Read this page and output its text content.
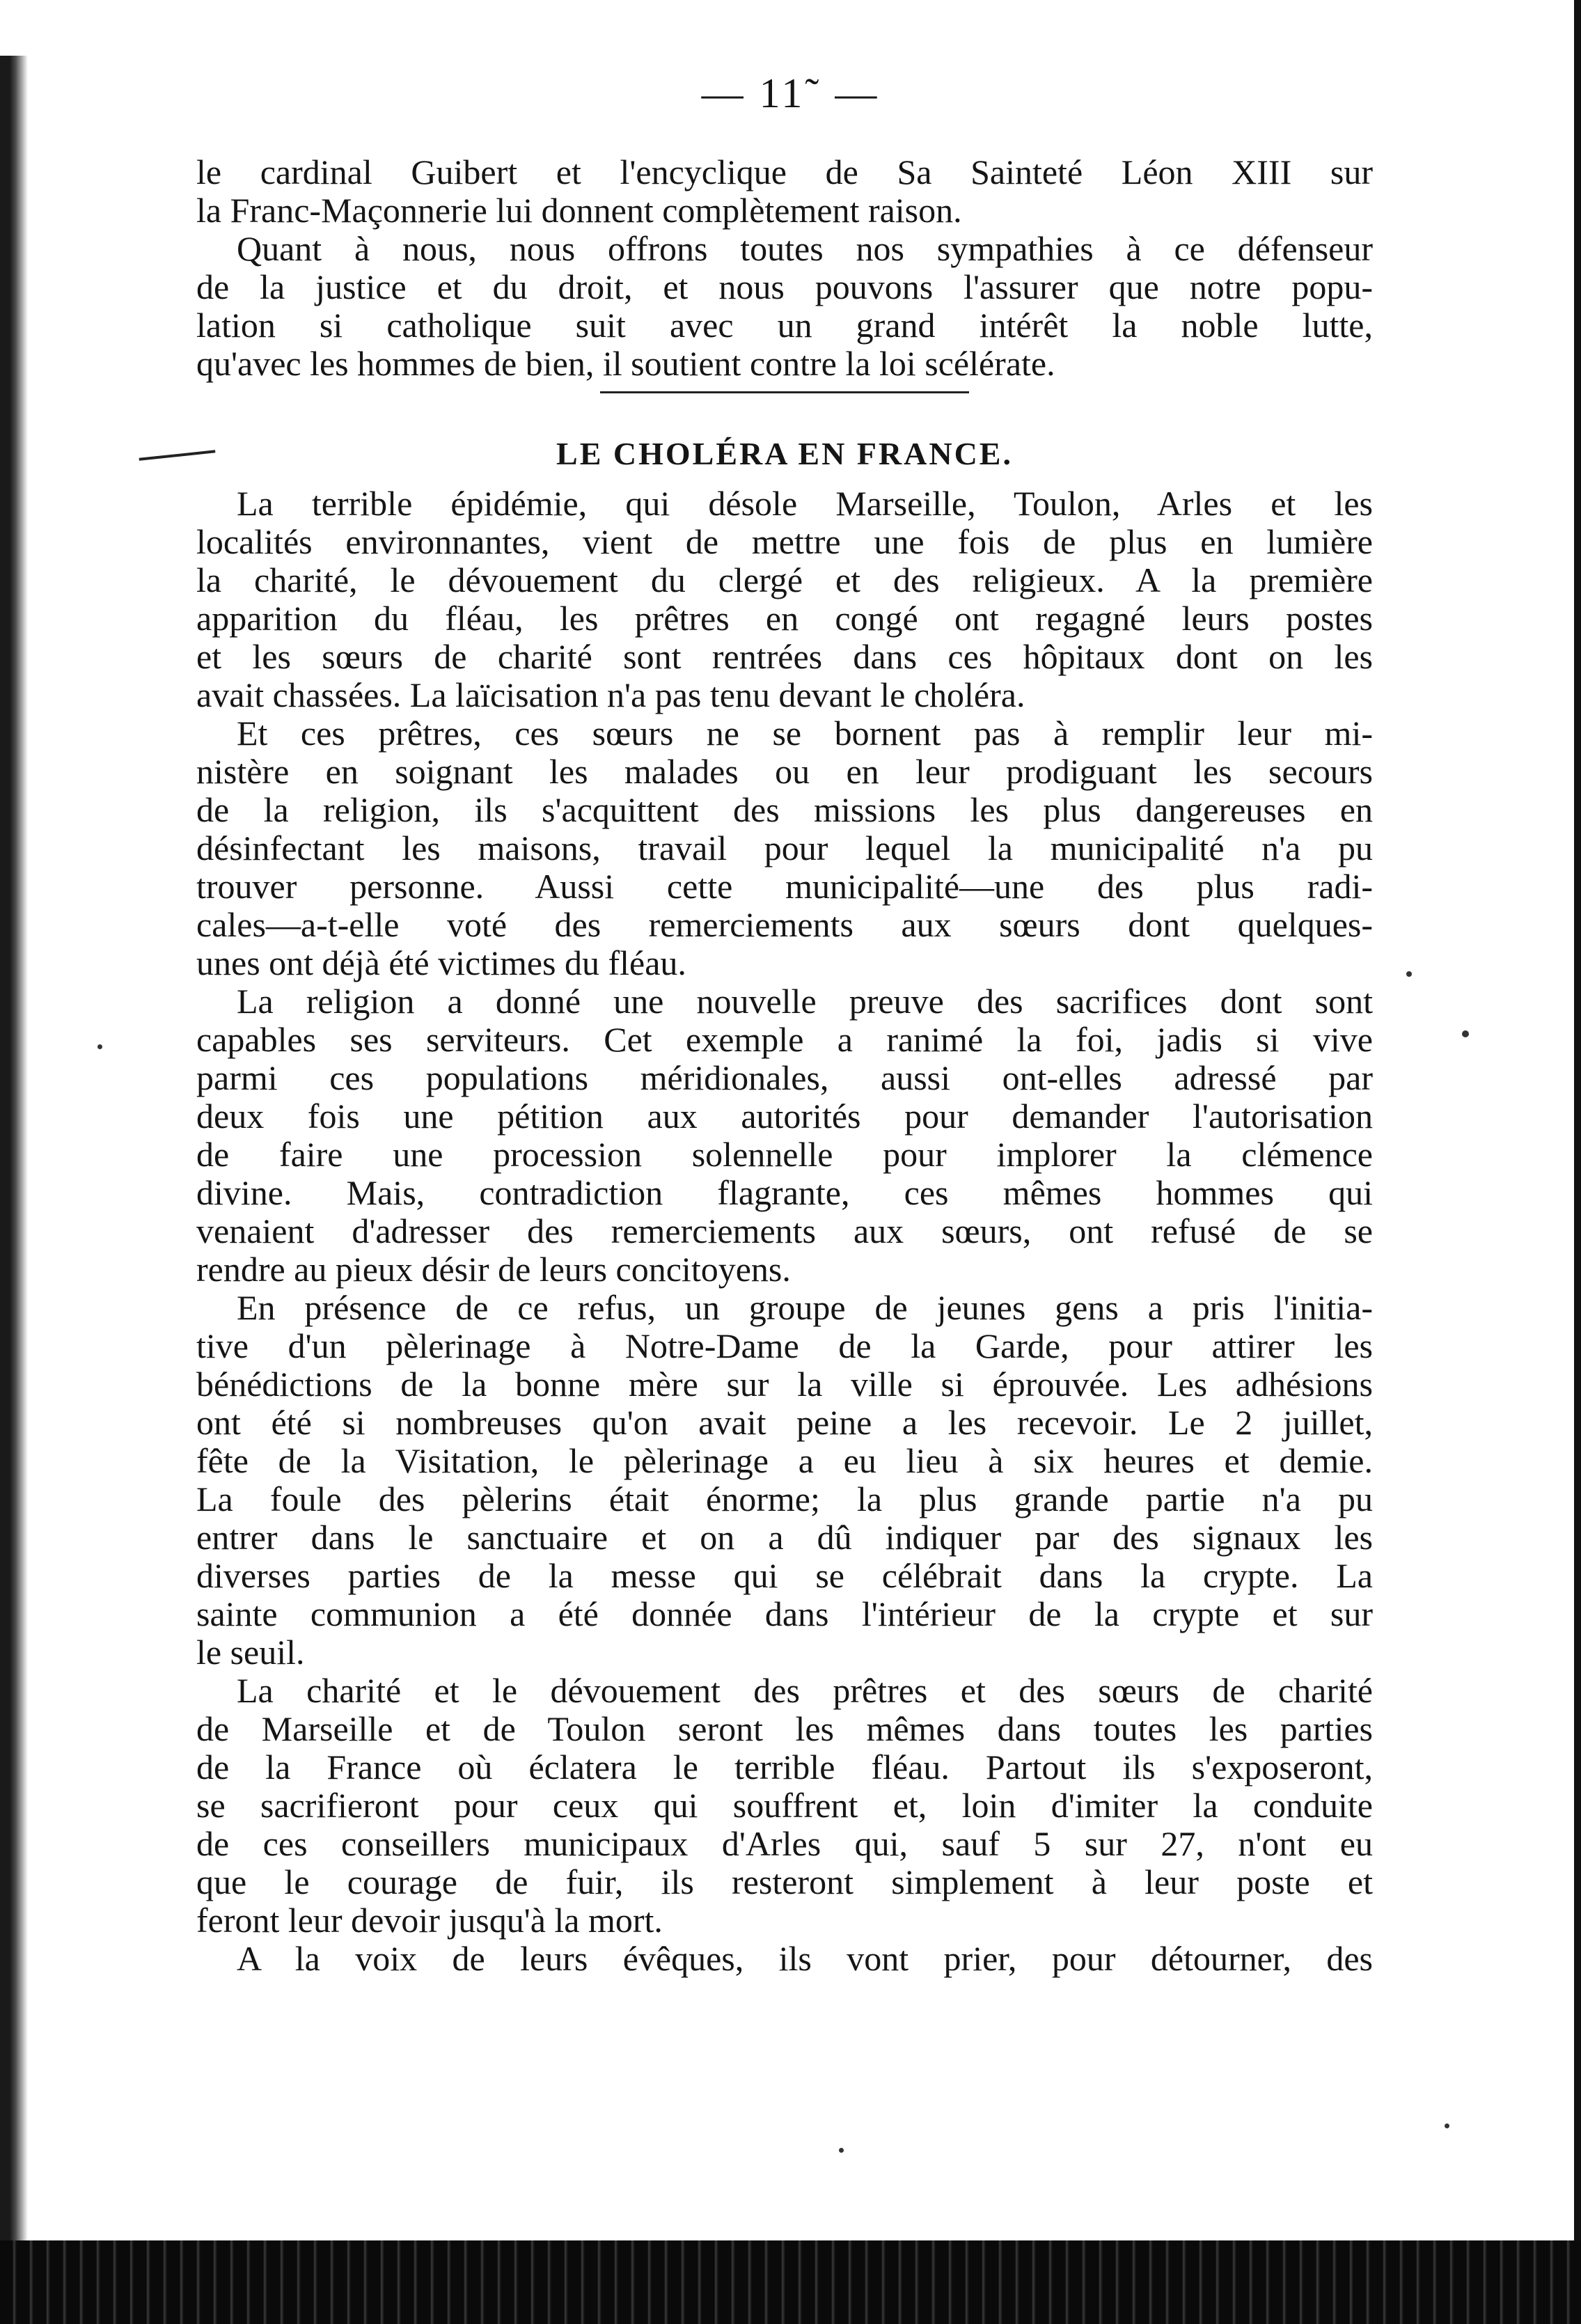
— 11˜ —
le cardinal Guibert et l'encyclique de Sa Sainteté Léon XIII sur
la Franc-Maçonnerie lui donnent complètement raison.
Quant à nous, nous offrons toutes nos sympathies à ce défenseur
de la justice et du droit, et nous pouvons l'assurer que notre popu-
lation si catholique suit avec un grand intérêt la noble lutte,
qu'avec les hommes de bien, il soutient contre la loi scélérate.
LE CHOLÉRA EN FRANCE.
La terrible épidémie, qui désole Marseille, Toulon, Arles et les
localités environnantes, vient de mettre une fois de plus en lumière
la charité, le dévouement du clergé et des religieux. A la première
apparition du fléau, les prêtres en congé ont regagné leurs postes
et les sœurs de charité sont rentrées dans ces hôpitaux dont on les
avait chassées. La laïcisation n'a pas tenu devant le choléra.
Et ces prêtres, ces sœurs ne se bornent pas à remplir leur mi-
nistère en soignant les malades ou en leur prodiguant les secours
de la religion, ils s'acquittent des missions les plus dangereuses en
désinfectant les maisons, travail pour lequel la municipalité n'a pu
trouver personne. Aussi cette municipalité—une des plus radi-
cales—a-t-elle voté des remerciements aux sœurs dont quelques-
unes ont déjà été victimes du fléau.
La religion a donné une nouvelle preuve des sacrifices dont sont
capables ses serviteurs. Cet exemple a ranimé la foi, jadis si vive
parmi ces populations méridionales, aussi ont-elles adressé par
deux fois une pétition aux autorités pour demander l'autorisation
de faire une procession solennelle pour implorer la clémence
divine. Mais, contradiction flagrante, ces mêmes hommes qui
venaient d'adresser des remerciements aux sœurs, ont refusé de se
rendre au pieux désir de leurs concitoyens.
En présence de ce refus, un groupe de jeunes gens a pris l'initia-
tive d'un pèlerinage à Notre-Dame de la Garde, pour attirer les
bénédictions de la bonne mère sur la ville si éprouvée. Les adhésions
ont été si nombreuses qu'on avait peine a les recevoir. Le 2 juillet,
fête de la Visitation, le pèlerinage a eu lieu à six heures et demie.
La foule des pèlerins était énorme; la plus grande partie n'a pu
entrer dans le sanctuaire et on a dû indiquer par des signaux les
diverses parties de la messe qui se célébrait dans la crypte. La
sainte communion a été donnée dans l'intérieur de la crypte et sur
le seuil.
La charité et le dévouement des prêtres et des sœurs de charité
de Marseille et de Toulon seront les mêmes dans toutes les parties
de la France où éclatera le terrible fléau. Partout ils s'exposeront,
se sacrifieront pour ceux qui souffrent et, loin d'imiter la conduite
de ces conseillers municipaux d'Arles qui, sauf 5 sur 27, n'ont eu
que le courage de fuir, ils resteront simplement à leur poste et
feront leur devoir jusqu'à la mort.
A la voix de leurs évêques, ils vont prier, pour détourner, des
